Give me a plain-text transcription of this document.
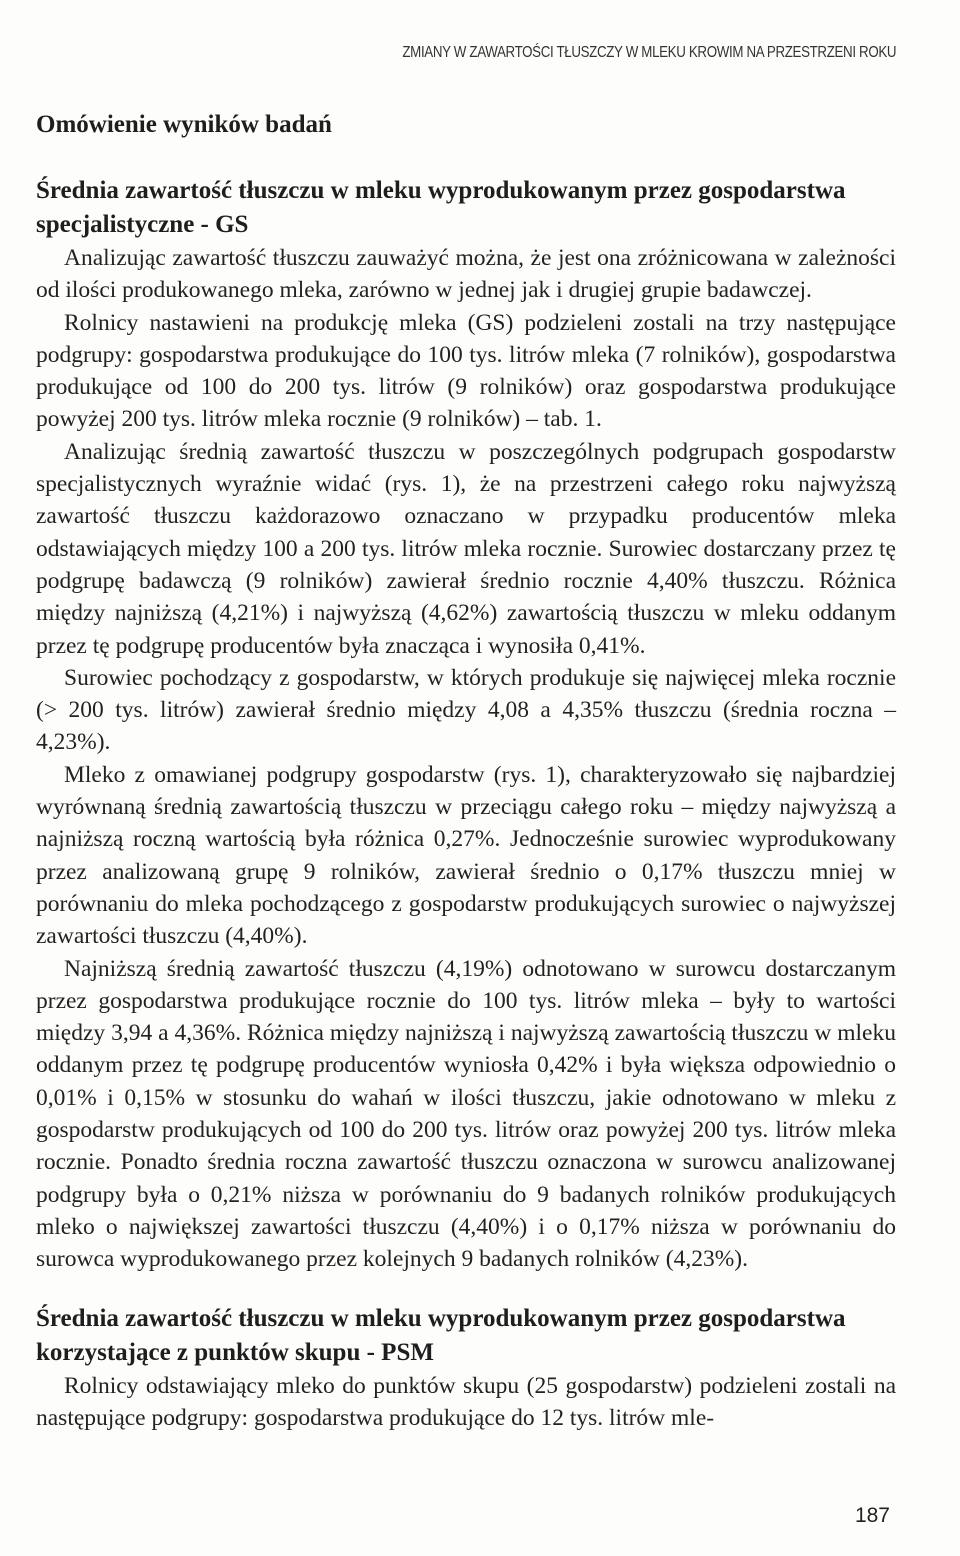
ZMIANY W ZAWARTOŚCI TŁUSZCZY W MLEKU KROWIM NA PRZESTRZENI ROKU
Omówienie wyników badań
Średnia zawartość tłuszczu w mleku wyprodukowanym przez gospodarstwa specjalistyczne - GS

Analizując zawartość tłuszczu zauważyć można, że jest ona zróżnicowana w zależności od ilości produkowanego mleka, zarówno w jednej jak i drugiej grupie badawczej.

Rolnicy nastawieni na produkcję mleka (GS) podzieleni zostali na trzy następujące podgrupy: gospodarstwa produkujące do 100 tys. litrów mleka (7 rolników), gospodarstwa produkujące od 100 do 200 tys. litrów (9 rolników) oraz gospodarstwa produkujące powyżej 200 tys. litrów mleka rocznie (9 rolników) – tab. 1.

Analizując średnią zawartość tłuszczu w poszczególnych podgrupach gospodarstw specjalistycznych wyraźnie widać (rys. 1), że na przestrzeni całego roku najwyższą zawartość tłuszczu każdorazowo oznaczano w przypadku producentów mleka odstawiających między 100 a 200 tys. litrów mleka rocznie. Surowiec dostarczany przez tę podgrupę badawczą (9 rolników) zawierał średnio rocznie 4,40% tłuszczu. Różnica między najniższą (4,21%) i najwyższą (4,62%) zawartością tłuszczu w mleku oddanym przez tę podgrupę producentów była znacząca i wynosiła 0,41%.

Surowiec pochodzący z gospodarstw, w których produkuje się najwięcej mleka rocznie (> 200 tys. litrów) zawierał średnio między 4,08 a 4,35% tłuszczu (średnia roczna – 4,23%).

Mleko z omawianej podgrupy gospodarstw (rys. 1), charakteryzowało się najbardziej wyrównaną średnią zawartością tłuszczu w przeciągu całego roku – między najwyższą a najniższą roczną wartością była różnica 0,27%. Jednocześnie surowiec wyprodukowany przez analizowaną grupę 9 rolników, zawierał średnio o 0,17% tłuszczu mniej w porównaniu do mleka pochodzącego z gospodarstw produkujących surowiec o najwyższej zawartości tłuszczu (4,40%).

Najniższą średnią zawartość tłuszczu (4,19%) odnotowano w surowcu dostarczanym przez gospodarstwa produkujące rocznie do 100 tys. litrów mleka – były to wartości między 3,94 a 4,36%. Różnica między najniższą i najwyższą zawartością tłuszczu w mleku oddanym przez tę podgrupę producentów wyniosła 0,42% i była większa odpowiednio o 0,01% i 0,15% w stosunku do wahań w ilości tłuszczu, jakie odnotowano w mleku z gospodarstw produkujących od 100 do 200 tys. litrów oraz powyżej 200 tys. litrów mleka rocznie. Ponadto średnia roczna zawartość tłuszczu oznaczona w surowcu analizowanej podgrupy była o 0,21% niższa w porównaniu do 9 badanych rolników produkujących mleko o największej zawartości tłuszczu (4,40%) i o 0,17% niższa w porównaniu do surowca wyprodukowanego przez kolejnych 9 badanych rolników (4,23%).

Średnia zawartość tłuszczu w mleku wyprodukowanym przez gospodarstwa korzystające z punktów skupu - PSM

Rolnicy odstawiający mleko do punktów skupu (25 gospodarstw) podzieleni zostali na następujące podgrupy: gospodarstwa produkujące do 12 tys. litrów mle-

187
